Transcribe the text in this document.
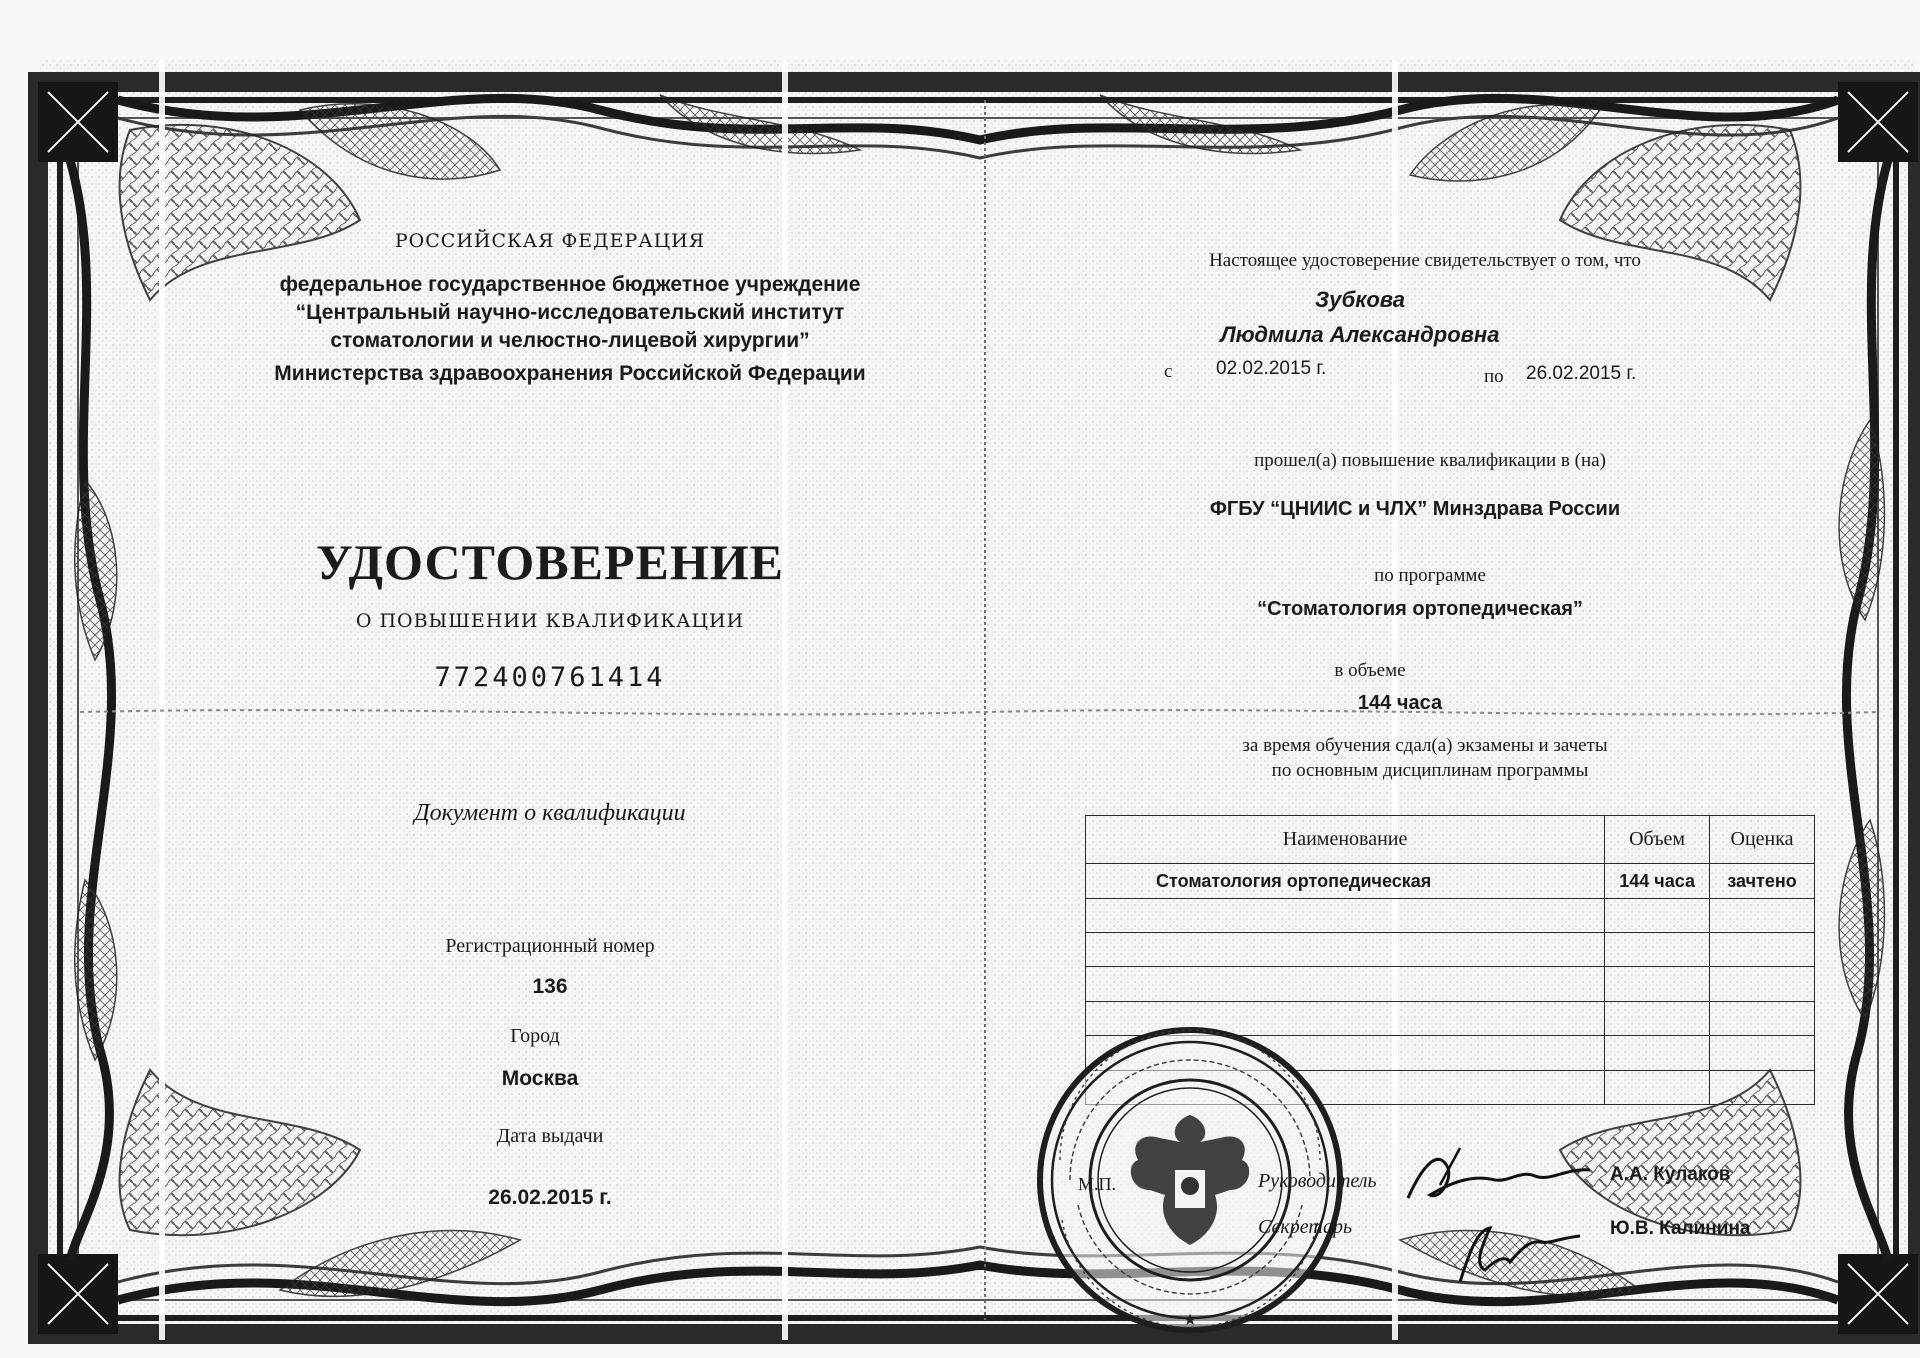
РОССИЙСКАЯ ФЕДЕРАЦИЯ
федеральное государственное бюджетное учреждение
“Центральный научно-исследовательский институт
стоматологии и челюстно-лицевой хирургии”
Министерства здравоохранения Российской Федерации
УДОСТОВЕРЕНИЕ
О ПОВЫШЕНИИ КВАЛИФИКАЦИИ
772400761414
Документ о квалификации
Регистрационный номер
136
Город
Москва
Дата выдачи
26.02.2015 г.
Настоящее удостоверение свидетельствует о том, что
Зубкова
Людмила Александровна
с 02.02.2015 г.	по 26.02.2015 г.
прошел(а) повышение квалификации в (на)
ФГБУ “ЦНИИС и ЧЛХ” Минздрава России
по программе
“Стоматология ортопедическая”
в объеме
144 часа
за время обучения сдал(а) экзамены и зачеты
по основным дисциплинам программы
Наименование	Объем	Оценка
Стоматология ортопедическая	144 часа	зачтено

★
М.П.	Руководитель
Секретарь
А.А. Кулаков
Ю.В. Калинина
